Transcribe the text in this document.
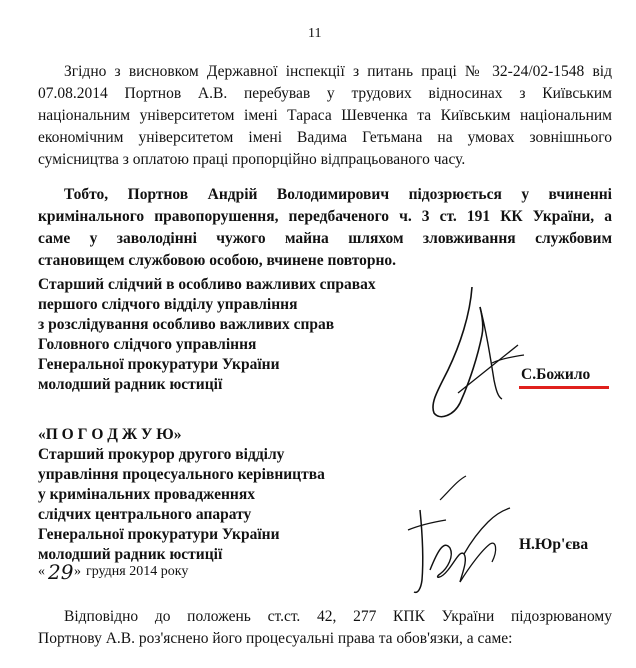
11
Згідно з висновком Державної інспекції з питань праці № 32-24/02-1548 від
07.08.2014 Портнов А.В. перебував у трудових відносинах з Київським
національним університетом імені Тараса Шевченка та Київським національним
економічним університетом імені Вадима Гетьмана на умовах зовнішнього
сумісництва з оплатою праці пропорційно відпрацьованого часу.
Тобто, Портнов Андрій Володимирович підозрюється у вчиненні
кримінального правопорушення, передбаченого ч. 3 ст. 191 КК України, а
саме у заволодінні чужого майна шляхом зловживання службовим
становищем службовою особою, вчинене повторно.
Старший слідчий в особливо важливих справах
першого слідчого відділу управління
з розслідування особливо важливих справ
Головного слідчого управління
Генеральної прокуратури України
молодший радник юстиції
С.Божило
«П О Г О Д Ж У Ю»
Старший прокурор другого відділу
управління процесуального керівництва
у кримінальних провадженнях
слідчих центрального апарату
Генеральної прокуратури України
молодший радник юстиції
Н.Юр'єва
« 29 » грудня 2014 року
Відповідно до положень ст.ст. 42, 277 КПК України підозрюваному
Портнову А.В. роз'яснено його процесуальні права та обов'язки, а саме:
